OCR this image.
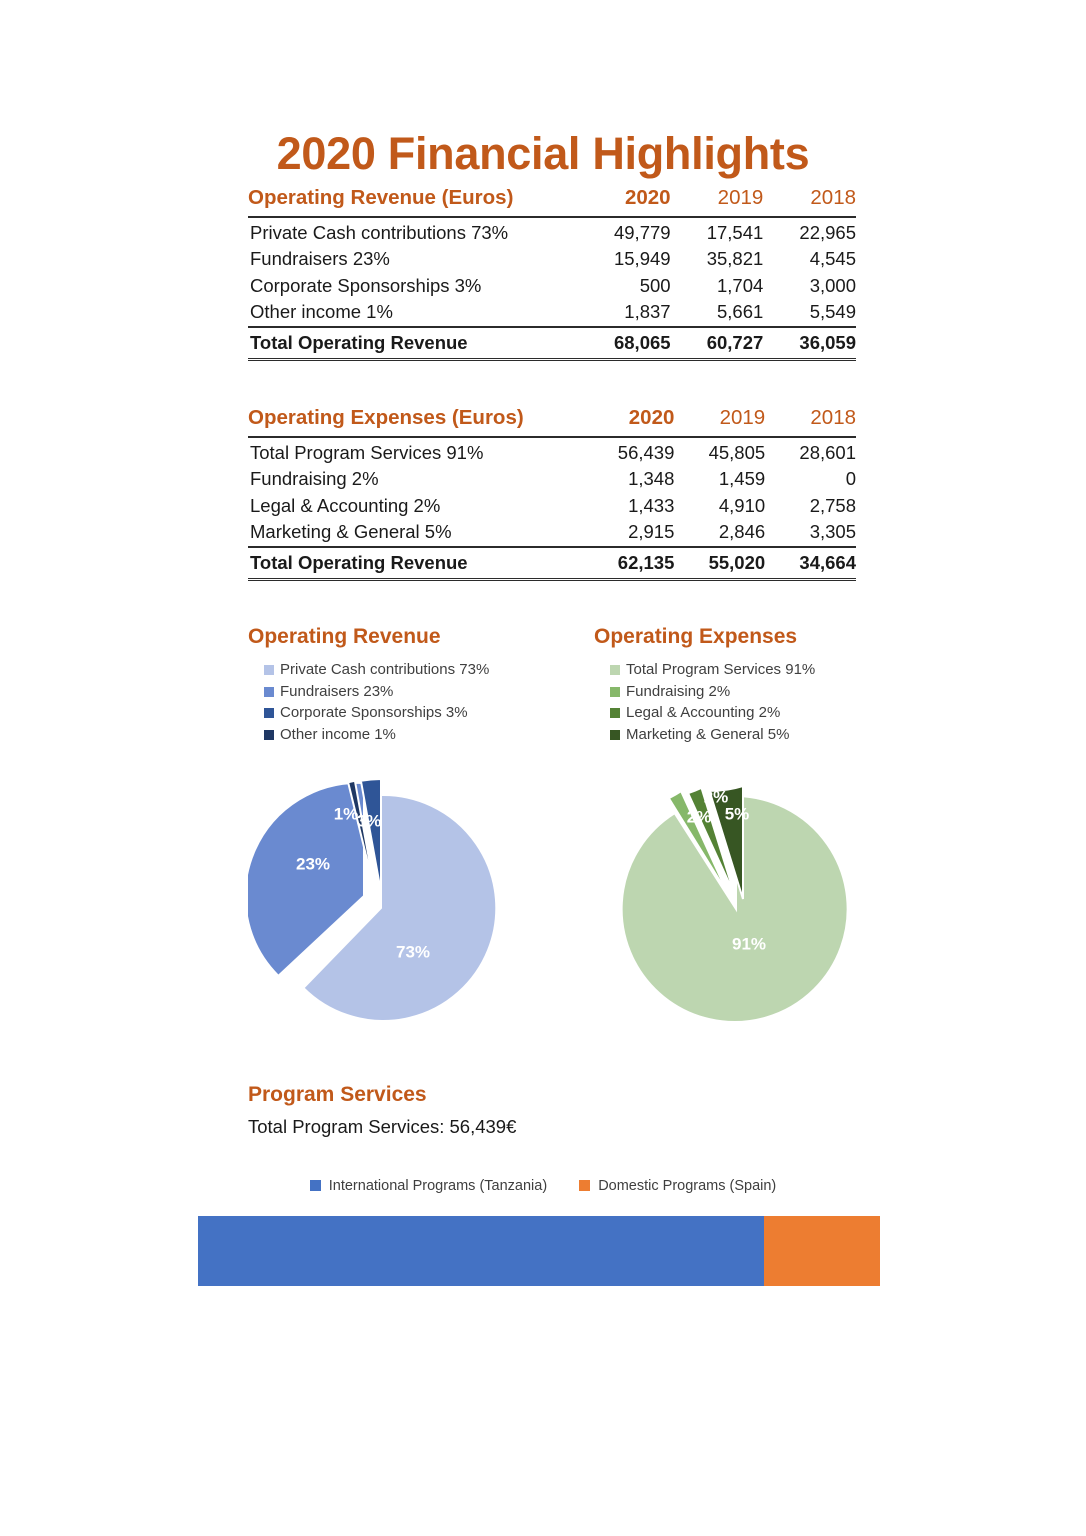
2020 Financial Highlights
Operating Revenue (Euros)	2020	2019	2018
Private Cash contributions 73%	49,779	17,541	22,965
Fundraisers 23%	15,949	35,821	4,545
Corporate Sponsorships 3%	500	1,704	3,000
Other income 1%	1,837	5,661	5,549
Total Operating Revenue	68,065	60,727	36,059
Operating Expenses (Euros)	2020	2019	2018
Total Program Services 91%	56,439	45,805	28,601
Fundraising 2%	1,348	1,459	0
Legal & Accounting 2%	1,433	4,910	2,758
Marketing & General 5%	2,915	2,846	3,305
Total Operating Revenue	62,135	55,020	34,664
Operating Revenue
Private Cash contributions 73%
Fundraisers 23%
Corporate Sponsorships 3%
Other income 1%
73%
23%
3%
1%
Operating Expenses
Total Program Services 91%
Fundraising 2%
Legal & Accounting 2%
Marketing & General 5%
91%
2%
2%
5%
Program Services
Total Program Services: 56,439€
International Programs (Tanzania)	Domestic Programs (Spain)
